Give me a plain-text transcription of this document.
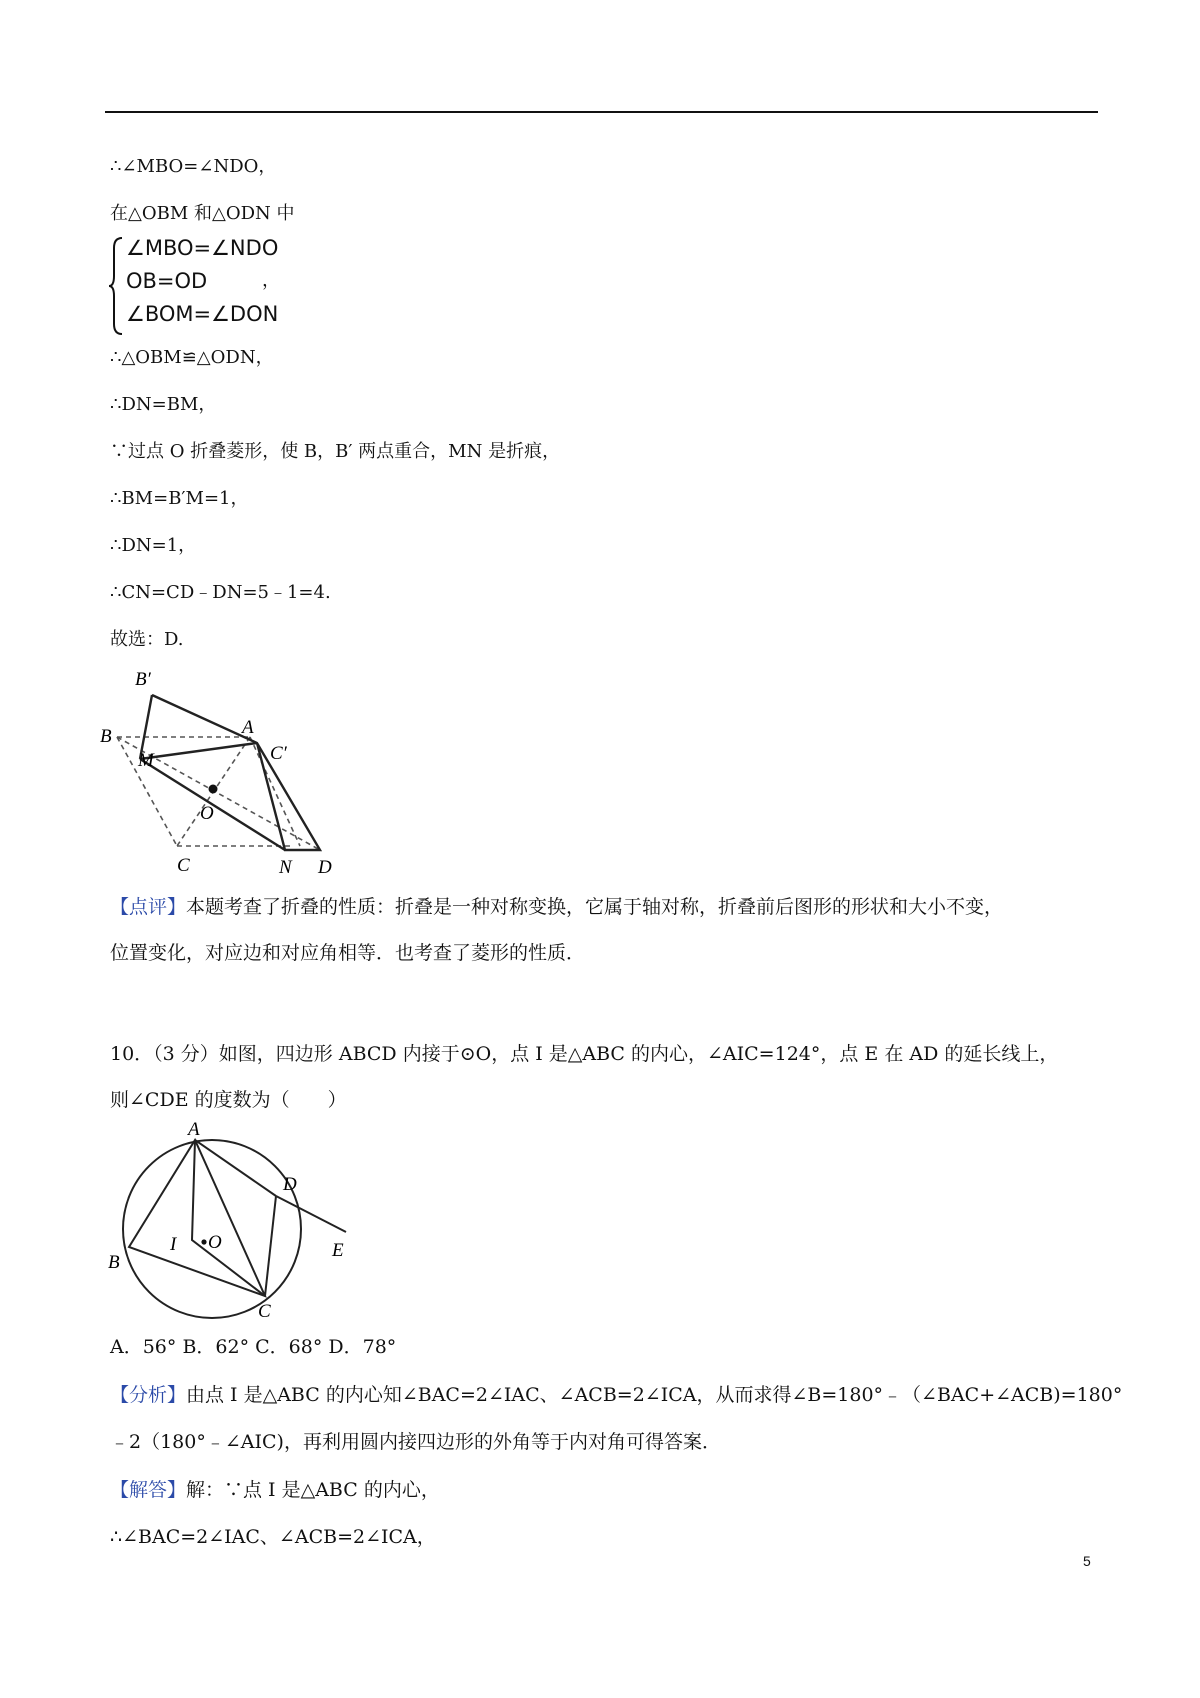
∴∠MBO=∠NDO，
在△OBM 和△ODN 中
∠MBO=∠NDO
OB=OD
∠BOM=∠DON
，
∴△OBM≌△ODN，
∴DN=BM，
∵过点 O 折叠菱形，使 B，B′ 两点重合，MN 是折痕，
∴BM=B′M=1，
∴DN=1，
∴CN=CD﹣DN=5﹣1=4.
故选：D.
B′
B	A
M	C′
O
C	N D
【点评】本题考查了折叠的性质：折叠是一种对称变换，它属于轴对称，折叠前后图形的形状和大小不变，
位置变化，对应边和对应角相等．也考查了菱形的性质．
10．（3 分）如图，四边形 ABCD 内接于⊙O，点 I 是△ABC 的内心，∠AIC=124°，点 E 在 AD 的延长线上，
则∠CDE 的度数为（　　）
A
D
I O	E
B
C
A．56° B．62° C．68° D．78°
【分析】由点 I 是△ABC 的内心知∠BAC=2∠IAC、∠ACB=2∠ICA，从而求得∠B=180°﹣（∠BAC+∠ACB)=180°
﹣2（180°﹣∠AIC)，再利用圆内接四边形的外角等于内对角可得答案．
【解答】解：∵点 I 是△ABC 的内心，
∴∠BAC=2∠IAC、∠ACB=2∠ICA，
5
